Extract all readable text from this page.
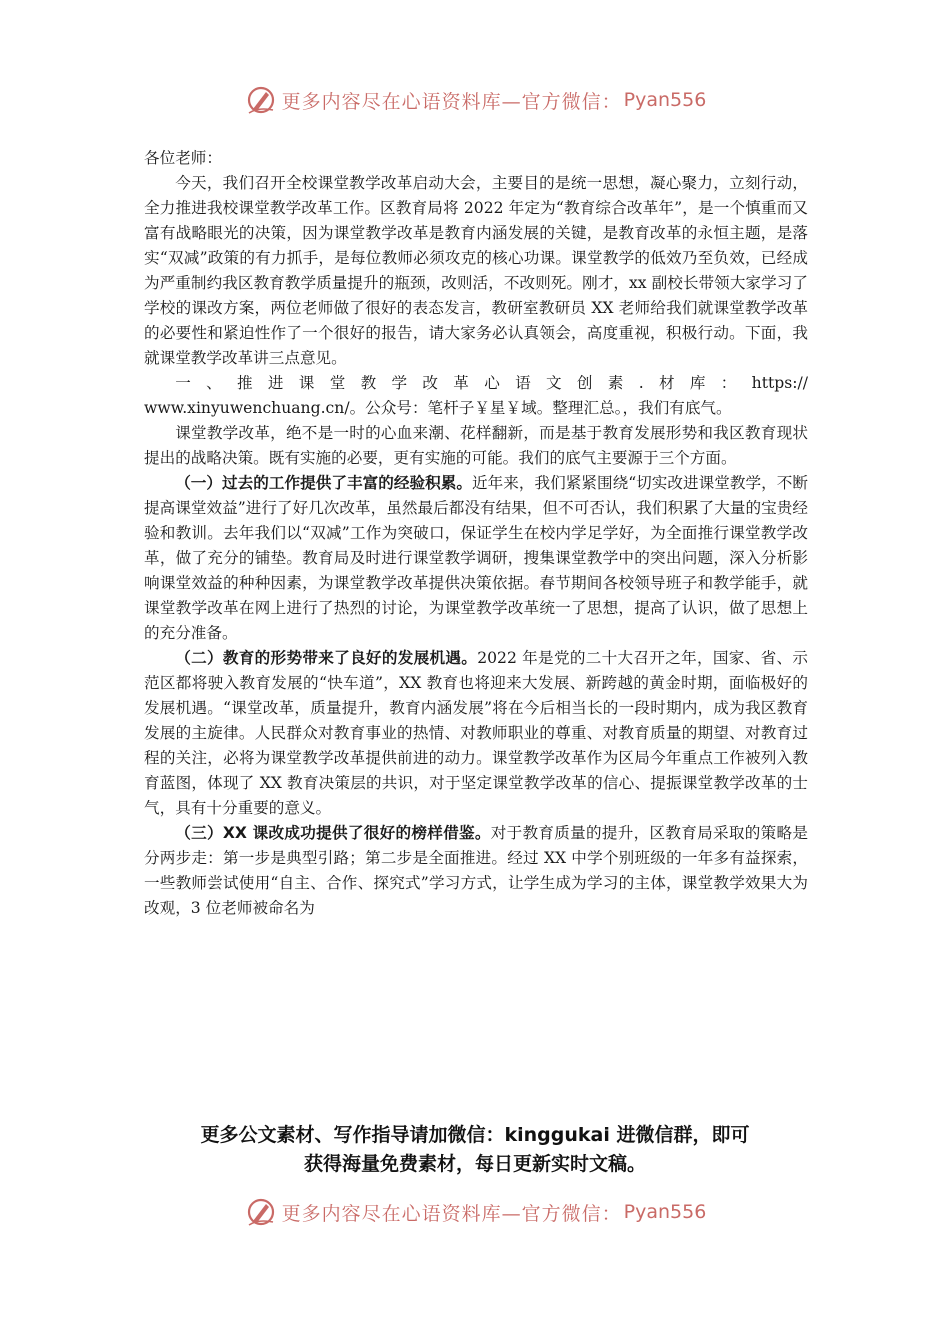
更多内容尽在心语资料库—官方微信： Pyan556

各位老师：

今天，我们召开全校课堂教学改革启动大会，主要目的是统一思想，凝心聚力，立刻行动，全力推进我校课堂教学改革工作。区教育局将 2022 年定为“教育综合改革年”，是一个慎重而又富有战略眼光的决策，因为课堂教学改革是教育内涵发展的关键，是教育改革的永恒主题，是落实“双减”政策的有力抓手，是每位教师必须攻克的核心功课。课堂教学的低效乃至负效，已经成为严重制约我区教育教学质量提升的瓶颈，改则活，不改则死。刚才，xx 副校长带领大家学习了学校的课改方案，两位老师做了很好的表态发言，教研室教研员 XX 老师给我们就课堂教学改革的必要性和紧迫性作了一个很好的报告，请大家务必认真领会，高度重视，积极行动。下面，我就课堂教学改革讲三点意见。

一、推进课堂教学改革心语文创素.材库：https://

www.xinyuwenchuang.cn/。公众号：笔杆子￥星￥域。整理汇总。，我们有底气。

课堂教学改革，绝不是一时的心血来潮、花样翻新，而是基于教育发展形势和我区教育现状提出的战略决策。既有实施的必要，更有实施的可能。我们的底气主要源于三个方面。

（一）过去的工作提供了丰富的经验积累。近年来，我们紧紧围绕“切实改进课堂教学，不断提高课堂效益”进行了好几次改革，虽然最后都没有结果，但不可否认，我们积累了大量的宝贵经验和教训。去年我们以“双减”工作为突破口，保证学生在校内学足学好，为全面推行课堂教学改革，做了充分的铺垫。教育局及时进行课堂教学调研，搜集课堂教学中的突出问题，深入分析影响课堂效益的种种因素，为课堂教学改革提供决策依据。春节期间各校领导班子和教学能手，就课堂教学改革在网上进行了热烈的讨论，为课堂教学改革统一了思想，提高了认识，做了思想上的充分准备。

（二）教育的形势带来了良好的发展机遇。2022 年是党的二十大召开之年，国家、省、示范区都将驶入教育发展的“快车道”，XX 教育也将迎来大发展、新跨越的黄金时期，面临极好的发展机遇。“课堂改革，质量提升，教育内涵发展”将在今后相当长的一段时期内，成为我区教育发展的主旋律。人民群众对教育事业的热情、对教师职业的尊重、对教育质量的期望、对教育过程的关注，必将为课堂教学改革提供前进的动力。课堂教学改革作为区局今年重点工作被列入教育蓝图，体现了 XX 教育决策层的共识，对于坚定课堂教学改革的信心、提振课堂教学改革的士气，具有十分重要的意义。

（三）XX 课改成功提供了很好的榜样借鉴。对于教育质量的提升，区教育局采取的策略是分两步走：第一步是典型引路；第二步是全面推进。经过 XX 中学个别班级的一年多有益探索，一些教师尝试使用“自主、合作、探究式”学习方式，让学生成为学习的主体，课堂教学效果大为改观，3 位老师被命名为

更多公文素材、写作指导请加微信：kinggukai 进微信群，即可
获得海量免费素材，每日更新实时文稿。
更多内容尽在心语资料库—官方微信： Pyan556
